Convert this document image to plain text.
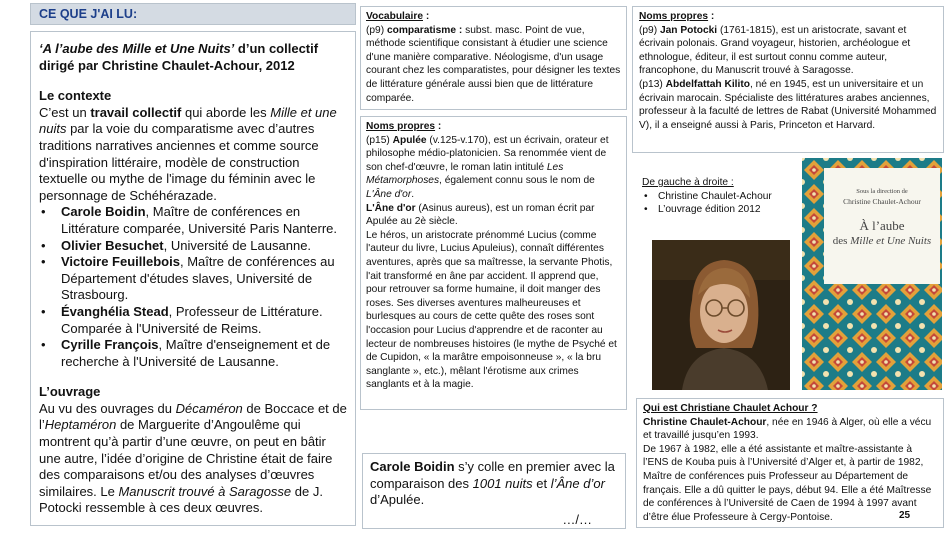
CE QUE J'AI LU:

‘A l’aube des Mille et Une Nuits’ d’un collectif dirigé par Christine Chaulet-Achour, 2012

Le contexte

C’est un travail collectif qui aborde les Mille et une nuits par la voie du comparatisme avec d’autres traditions narratives anciennes et comme source d'inspiration littéraire, modèle de construction textuelle ou mythe de l'image du féminin avec le personnage de Schéhérazade.

• Carole Boidin, Maître de conférences en Littérature comparée, Université Paris Nanterre.
• Olivier Besuchet, Université de Lausanne.
• Victoire Feuillebois, Maître de conférences au Département d'études slaves, Université de Strasbourg.
• Évanghélia Stead, Professeur de Littérature. Comparée à l'Université de Reims.
• Cyrille François, Maître d'enseignement et de recherche à l'Université de Lausanne.

L’ouvrage

Au vu des ouvrages du Décaméron de Boccace et de l’Heptaméron de Marguerite d’Angoulême qui montrent qu’à partir d’une œuvre, on peut en bâtir une autre, l’idée d’origine de Christine était de faire des comparaisons et/ou des analyses d’œuvres similaires. Le Manuscrit trouvé à Saragosse de J. Potocki ressemble à ces deux œuvres.

Vocabulaire :

(p9) comparatisme : subst. masc. Point de vue, méthode scientifique consistant à étudier une science d'une manière comparative. Néologisme, d'un usage courant chez les comparatistes, pour désigner les textes de littérature générale aussi bien que de littérature comparée.

Noms propres :

(p15) Apulée (v.125-v.170), est un écrivain, orateur et philosophe médio-platonicien. Sa renommée vient de son chef-d'œuvre, le roman latin intitulé Les Métamorphoses, également connu sous le nom de L'Âne d'or.

L'Âne d'or (Asinus aureus), est un roman écrit par Apulée au 2è siècle.

Le héros, un aristocrate prénommé Lucius (comme l'auteur du livre, Lucius Apuleius), connaît différentes aventures, après que sa maîtresse, la servante Photis, l'ait transformé en âne par accident. Il apprend que, pour retrouver sa forme humaine, il doit manger des roses. Ses diverses aventures malheureuses et burlesques au cours de cette quête des roses sont l'occasion pour Lucius d'apprendre et de raconter au lecteur de nombreuses histoires (le mythe de Psyché et de Cupidon, « la marâtre empoisonneuse », « la bru sanglante », etc.), mêlant l'érotisme aux crimes sanglants et à la magie.

Carole Boidin s’y colle en premier avec la comparaison des 1001 nuits et l’Âne d’or d’Apulée.

…/…

Noms propres :

(p9) Jan Potocki (1761-1815), est un aristocrate, savant et écrivain polonais. Grand voyageur, historien, archéologue et ethnologue, éditeur, il est surtout connu comme auteur, francophone, du Manuscrit trouvé à Saragosse.

(p13) Abdelfattah Kilito, né en 1945, est un universitaire et un écrivain marocain. Spécialiste des littératures arabes anciennes, professeur à la faculté de lettres de Rabat (Université Mohammed V), il a enseigné aussi à Paris, Princeton et Harvard.

De gauche à droite :

• Christine Chaulet-Achour
• L’ouvrage édition 2012

Sous la direction de

Christine Chaulet-Achour

À l’aube

des Mille et Une Nuits

Qui est Christiane Chaulet Achour ?

Christine Chaulet-Achour, née en 1946 à Alger, où elle a vécu et travaillé jusqu’en 1993.

De 1967 à 1982, elle a été assistante et maître-assistante à l’ENS de Kouba puis à l’Université d’Alger et, à partir de 1982, Maître de conférences puis Professeur au Département de français. Elle a dû quitter le pays, début 94. Elle a été Maîtresse de conférences à l’Université de Caen de 1994 à 1997 avant d’être élue Professeure à Cergy-Pontoise.	25
